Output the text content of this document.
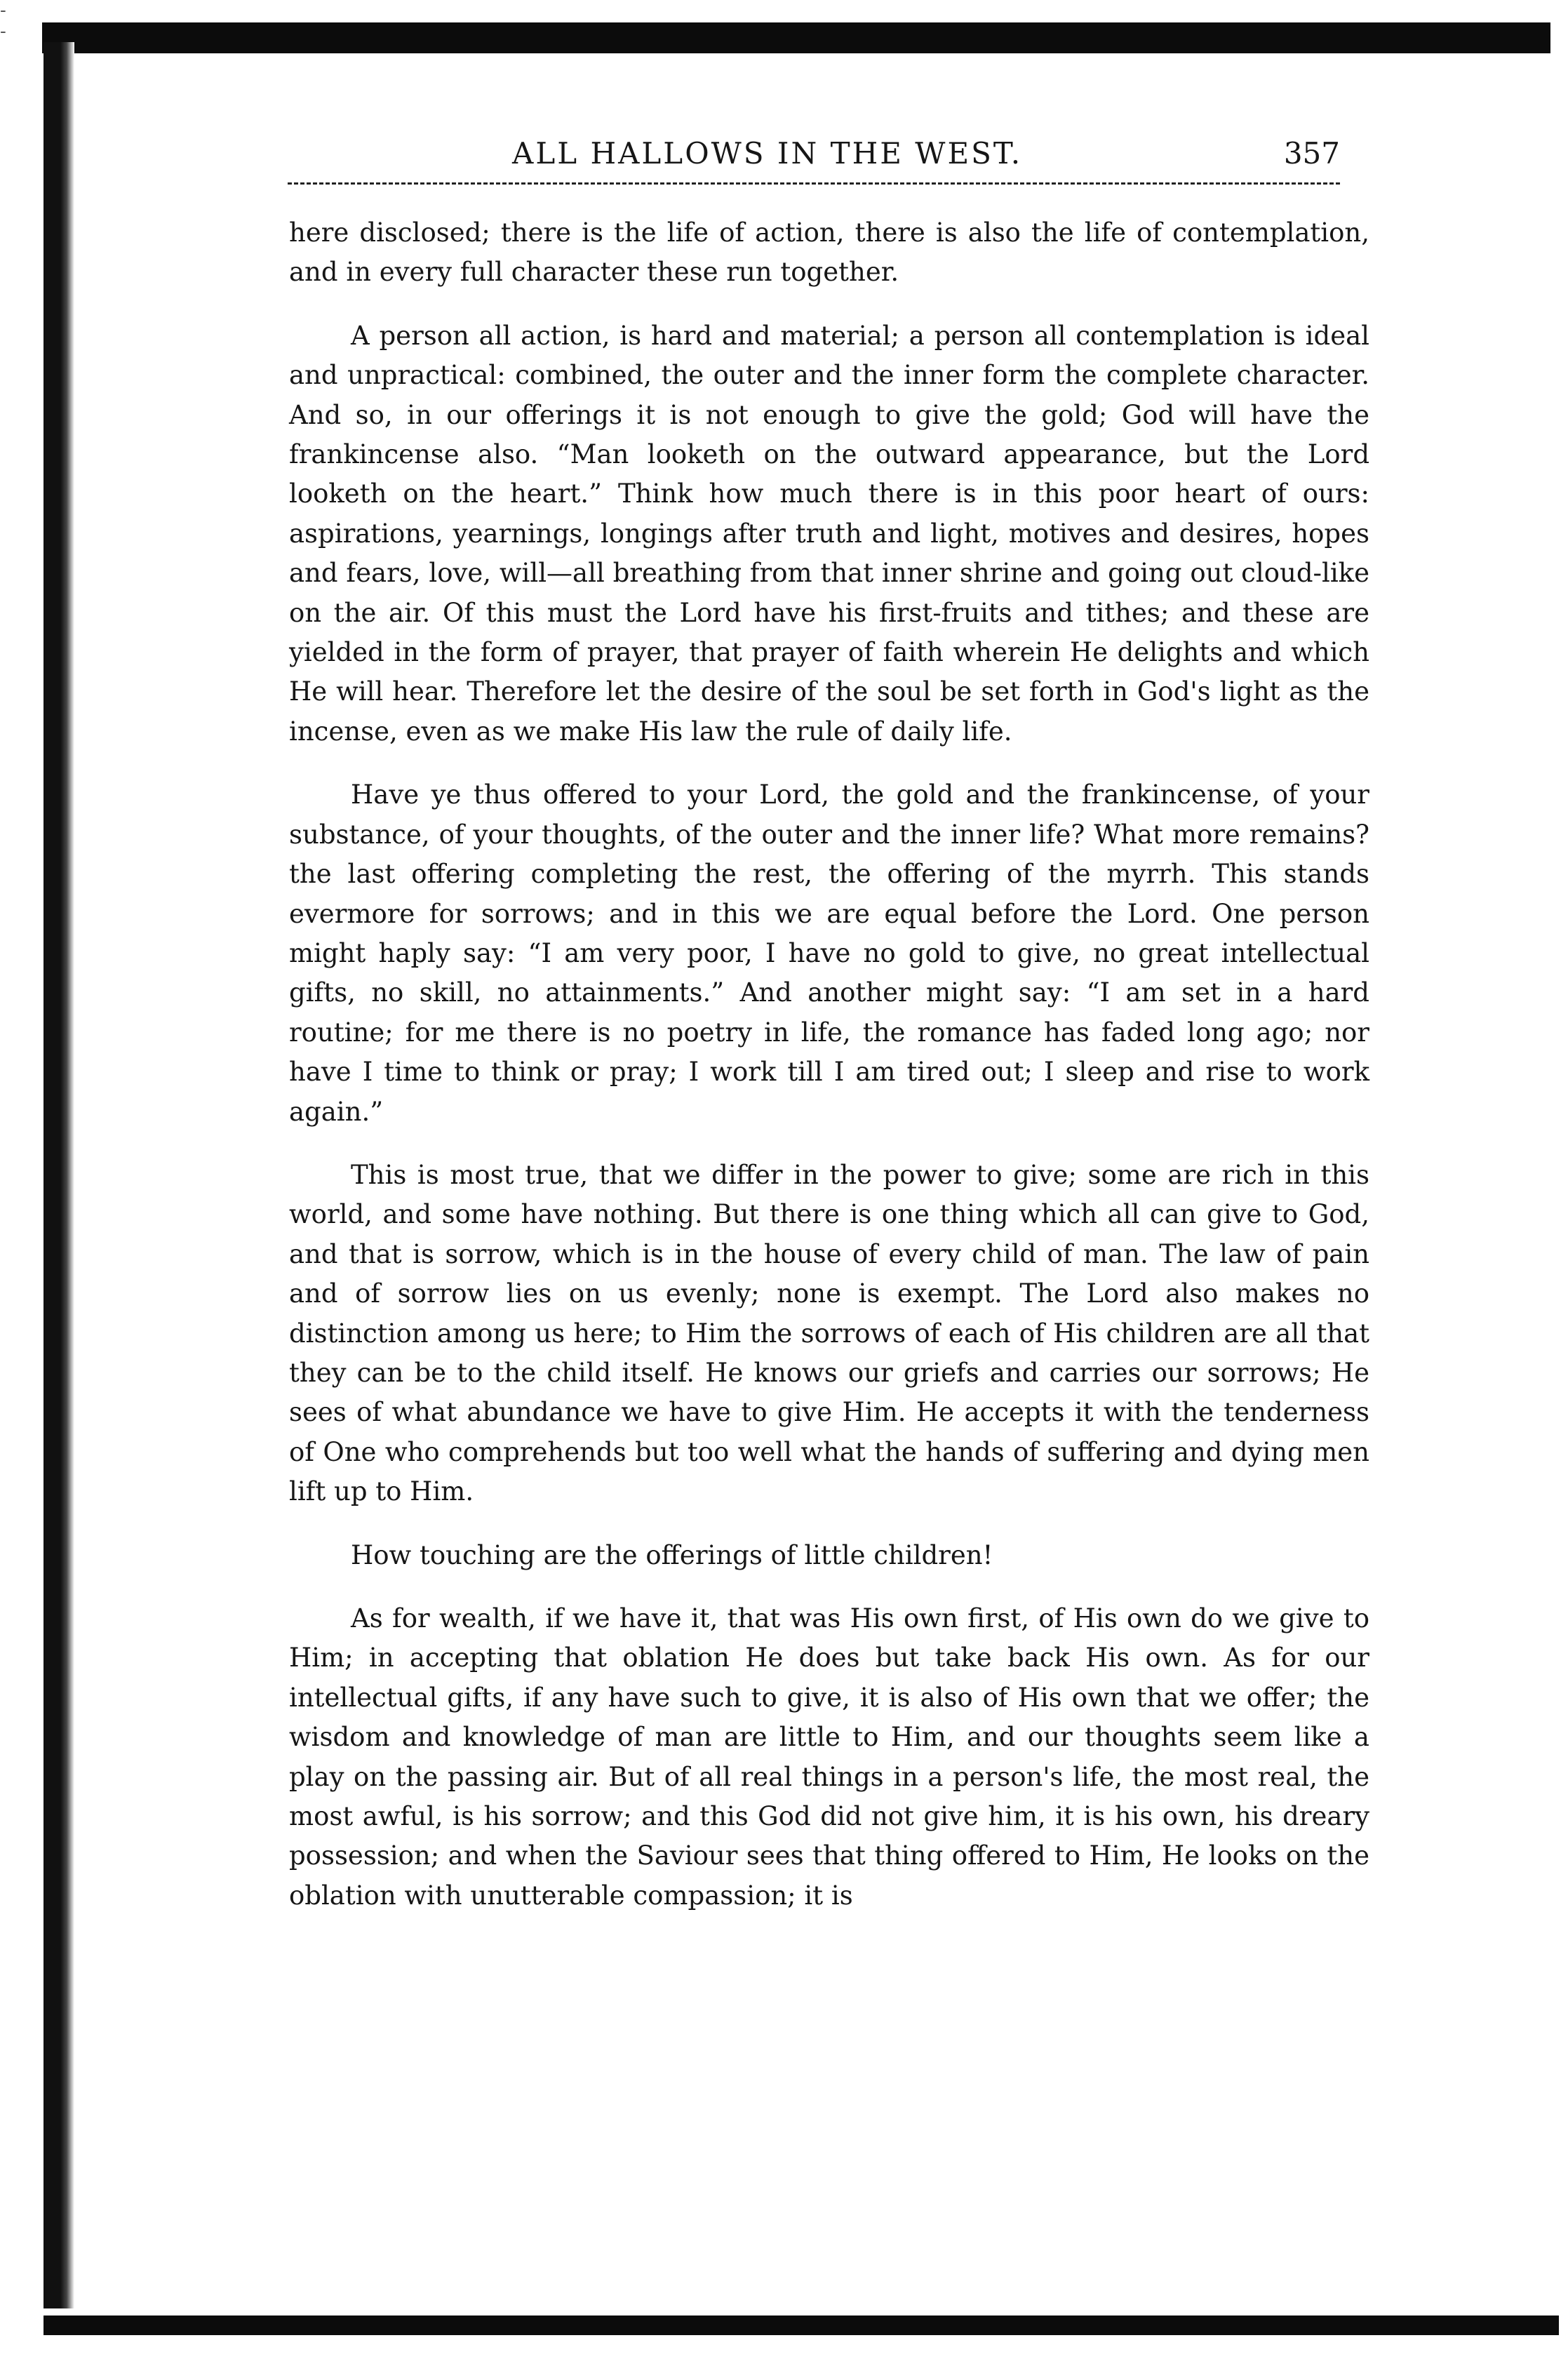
- -
ALL HALLOWS IN THE WEST.	357

here disclosed; there is the life of action, there is also the life of contemplation, and in every full character these run together.

A person all action, is hard and material; a person all contemplation is ideal and unpractical: combined, the outer and the inner form the complete character. And so, in our offerings it is not enough to give the gold; God will have the frankincense also. “Man looketh on the outward appearance, but the Lord looketh on the heart.” Think how much there is in this poor heart of ours: aspirations, yearnings, longings after truth and light, motives and desires, hopes and fears, love, will—all breathing from that inner shrine and going out cloud-like on the air. Of this must the Lord have his first-fruits and tithes; and these are yielded in the form of prayer, that prayer of faith wherein He delights and which He will hear. Therefore let the desire of the soul be set forth in God's light as the incense, even as we make His law the rule of daily life.

Have ye thus offered to your Lord, the gold and the frankincense, of your substance, of your thoughts, of the outer and the inner life? What more remains? the last offering completing the rest, the offering of the myrrh. This stands evermore for sorrows; and in this we are equal before the Lord. One person might haply say: “I am very poor, I have no gold to give, no great intellectual gifts, no skill, no attainments.” And another might say: “I am set in a hard routine; for me there is no poetry in life, the romance has faded long ago; nor have I time to think or pray; I work till I am tired out; I sleep and rise to work again.”

This is most true, that we differ in the power to give; some are rich in this world, and some have nothing. But there is one thing which all can give to God, and that is sorrow, which is in the house of every child of man. The law of pain and of sorrow lies on us evenly; none is exempt. The Lord also makes no distinction among us here; to Him the sorrows of each of His children are all that they can be to the child itself. He knows our griefs and carries our sorrows; He sees of what abundance we have to give Him. He accepts it with the tenderness of One who comprehends but too well what the hands of suffering and dying men lift up to Him.

How touching are the offerings of little children!

As for wealth, if we have it, that was His own first, of His own do we give to Him; in accepting that oblation He does but take back His own. As for our intellectual gifts, if any have such to give, it is also of His own that we offer; the wisdom and knowledge of man are little to Him, and our thoughts seem like a play on the passing air. But of all real things in a person's life, the most real, the most awful, is his sorrow; and this God did not give him, it is his own, his dreary possession; and when the Saviour sees that thing offered to Him, He looks on the oblation with unutterable compassion; it is
